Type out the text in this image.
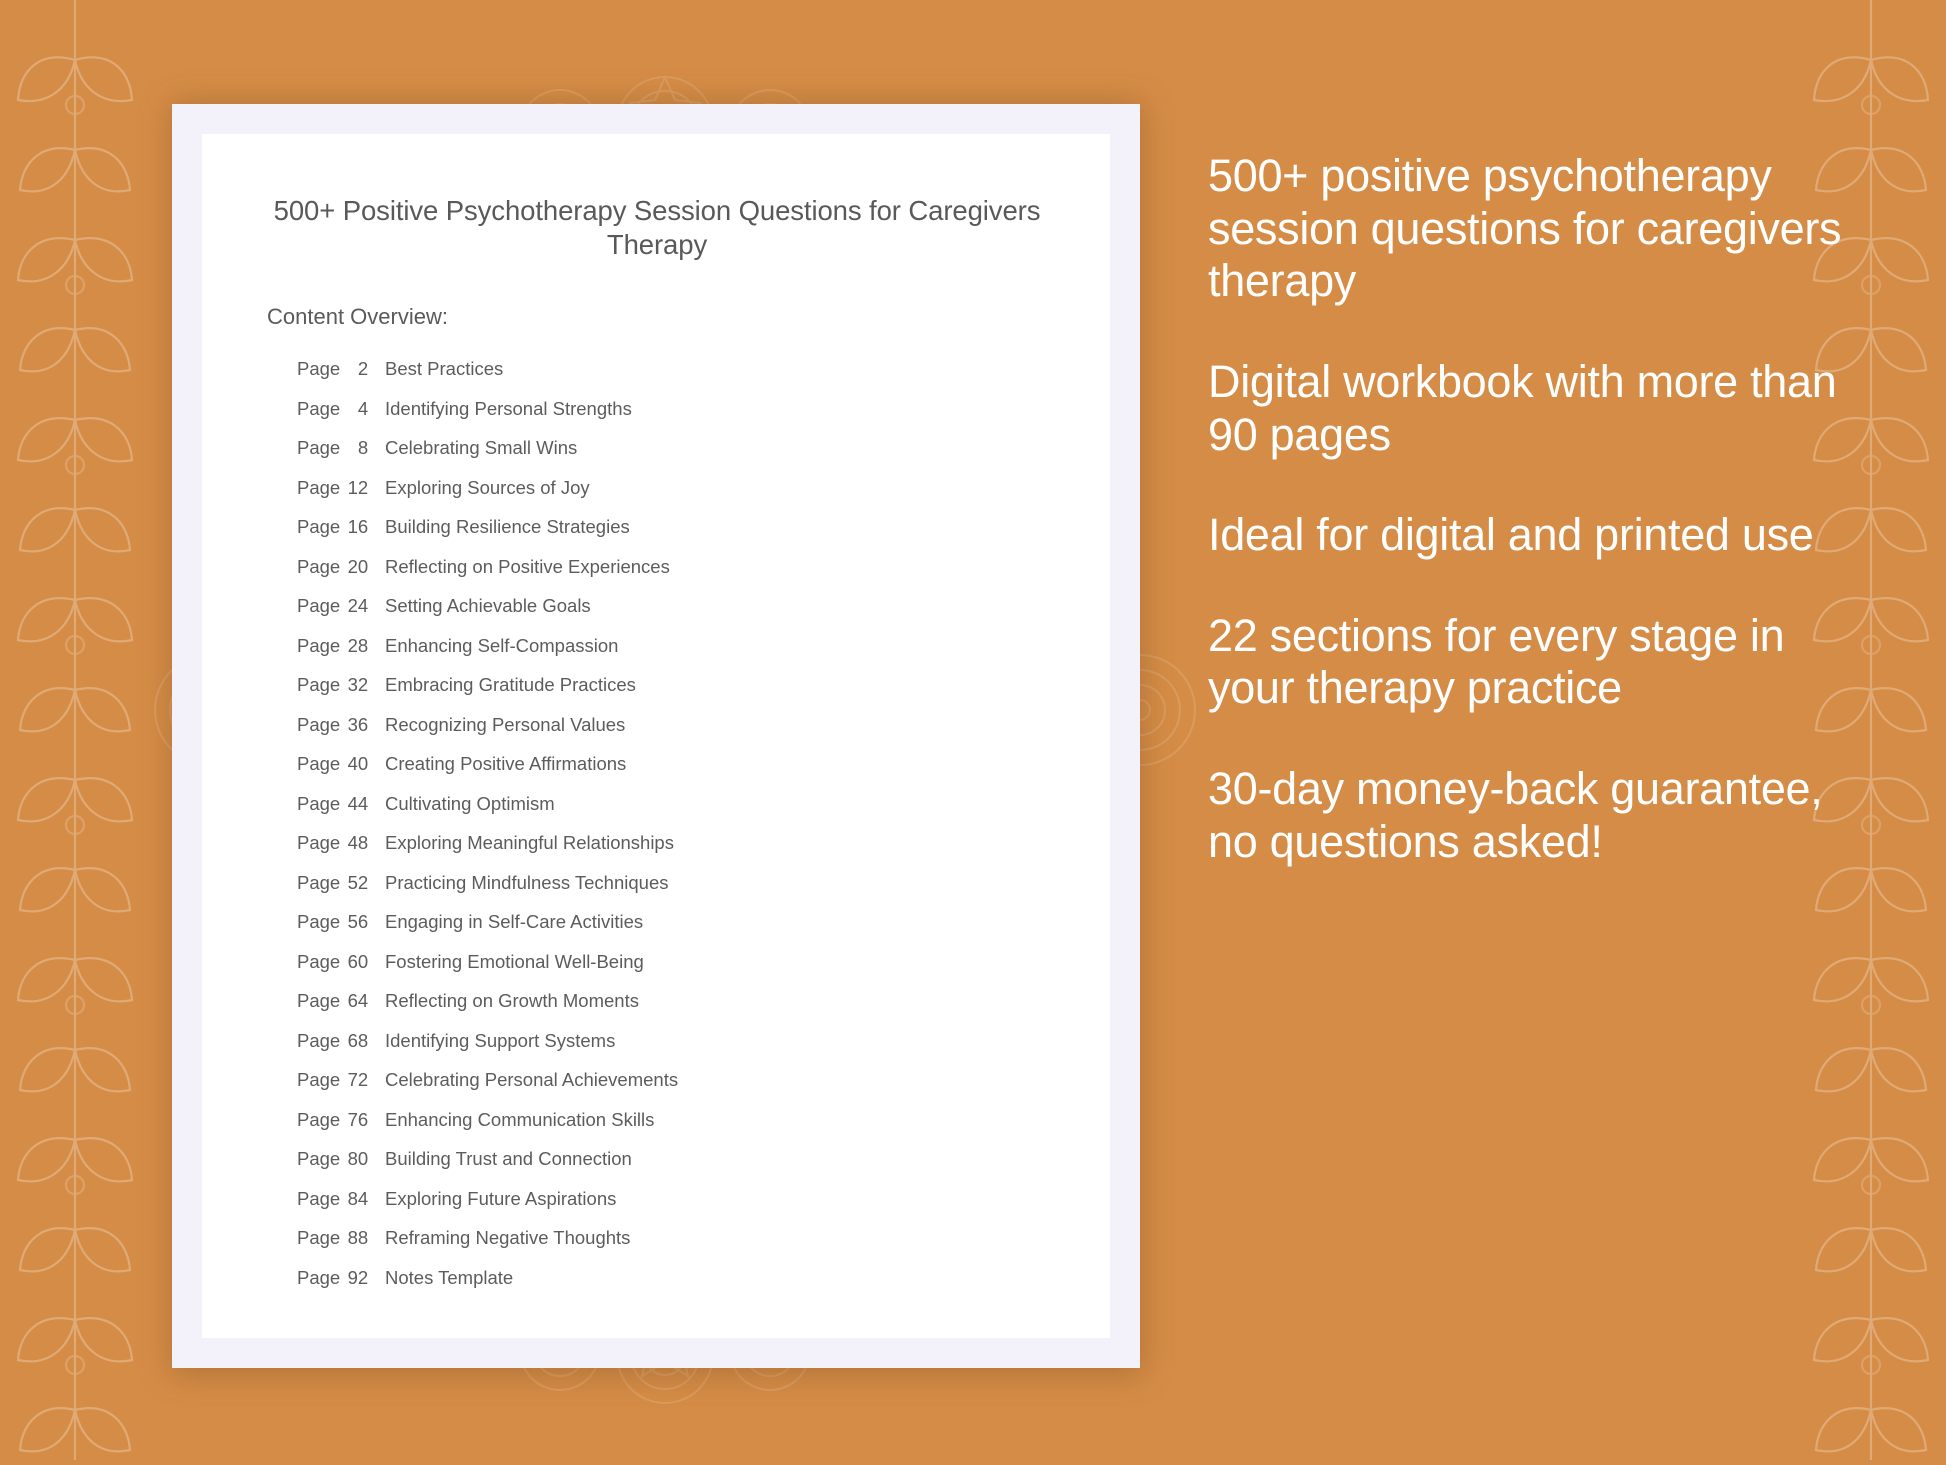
500+ Positive Psychotherapy Session Questions for Caregivers Therapy
Content Overview:
Page 2 Best Practices
Page 4 Identifying Personal Strengths
Page 8 Celebrating Small Wins
Page 12 Exploring Sources of Joy
Page 16 Building Resilience Strategies
Page 20 Reflecting on Positive Experiences
Page 24 Setting Achievable Goals
Page 28 Enhancing Self-Compassion
Page 32 Embracing Gratitude Practices
Page 36 Recognizing Personal Values
Page 40 Creating Positive Affirmations
Page 44 Cultivating Optimism
Page 48 Exploring Meaningful Relationships
Page 52 Practicing Mindfulness Techniques
Page 56 Engaging in Self-Care Activities
Page 60 Fostering Emotional Well-Being
Page 64 Reflecting on Growth Moments
Page 68 Identifying Support Systems
Page 72 Celebrating Personal Achievements
Page 76 Enhancing Communication Skills
Page 80 Building Trust and Connection
Page 84 Exploring Future Aspirations
Page 88 Reframing Negative Thoughts
Page 92 Notes Template
500+ positive psychotherapy session questions for caregivers therapy
Digital workbook with more than 90 pages
Ideal for digital and printed use
22 sections for every stage in your therapy practice
30-day money-back guarantee, no questions asked!
